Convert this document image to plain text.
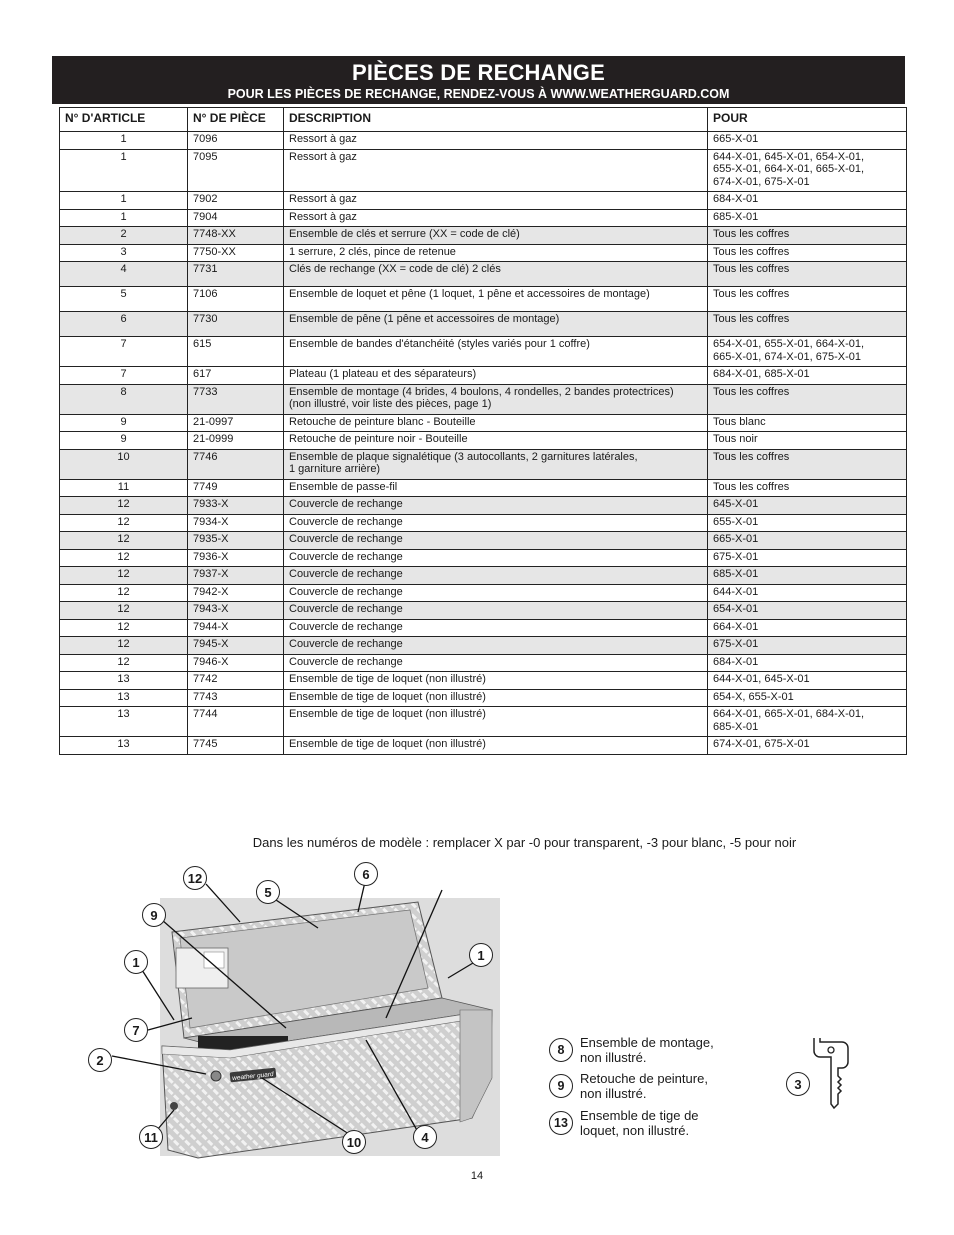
PIÈCES DE RECHANGE
POUR LES PIÈCES DE RECHANGE, RENDEZ-VOUS À WWW.WEATHERGUARD.COM
N° D'ARTICLE	N° DE PIÈCE	DESCRIPTION	POUR
1	7096	Ressort à gaz	665-X-01
1	7095	Ressort à gaz	644-X-01, 645-X-01, 654-X-01,
655-X-01, 664-X-01, 665-X-01,
674-X-01, 675-X-01
1	7902	Ressort à gaz	684-X-01
1	7904	Ressort à gaz	685-X-01
2	7748-XX	Ensemble de clés et serrure (XX = code de clé)	Tous les coffres
3	7750-XX	1 serrure, 2 clés, pince de retenue	Tous les coffres
4	7731	Clés de rechange (XX = code de clé) 2 clés	Tous les coffres
5	7106	Ensemble de loquet et pêne (1 loquet, 1 pêne et accessoires de montage)	Tous les coffres
6	7730	Ensemble de pêne (1 pêne et accessoires de montage)	Tous les coffres
7	615	Ensemble de bandes d'étanchéité (styles variés pour 1 coffre)	654-X-01, 655-X-01, 664-X-01,
665-X-01, 674-X-01, 675-X-01
7	617	Plateau (1 plateau et des séparateurs)	684-X-01, 685-X-01
8	7733	Ensemble de montage (4 brides, 4 boulons, 4 rondelles, 2 bandes protectrices)
(non illustré, voir liste des pièces, page 1)	Tous les coffres
9	21-0997	Retouche de peinture blanc - Bouteille	Tous blanc
9	21-0999	Retouche de peinture noir - Bouteille	Tous noir
10	7746	Ensemble de plaque signalétique (3 autocollants, 2 garnitures latérales,
1 garniture arrière)	Tous les coffres
11	7749	Ensemble de passe-fil	Tous les coffres
12	7933-X	Couvercle de rechange	645-X-01
12	7934-X	Couvercle de rechange	655-X-01
12	7935-X	Couvercle de rechange	665-X-01
12	7936-X	Couvercle de rechange	675-X-01
12	7937-X	Couvercle de rechange	685-X-01
12	7942-X	Couvercle de rechange	644-X-01
12	7943-X	Couvercle de rechange	654-X-01
12	7944-X	Couvercle de rechange	664-X-01
12	7945-X	Couvercle de rechange	675-X-01
12	7946-X	Couvercle de rechange	684-X-01
13	7742	Ensemble de tige de loquet (non illustré)	644-X-01, 645-X-01
13	7743	Ensemble de tige de loquet (non illustré)	654-X, 655-X-01
13	7744	Ensemble de tige de loquet (non illustré)	664-X-01, 665-X-01, 684-X-01,
685-X-01
13	7745	Ensemble de tige de loquet (non illustré)	674-X-01, 675-X-01
Dans les numéros de modèle : remplacer X par -0 pour transparent, -3 pour blanc, -5 pour noir
weather guard
12
5
6
9
1	1
7
2
11	10	4
8	Ensemble de montage,
non illustré.
9	Retouche de peinture,
non illustré.
13 Ensemble de tige de
loquet, non illustré.
3
14
